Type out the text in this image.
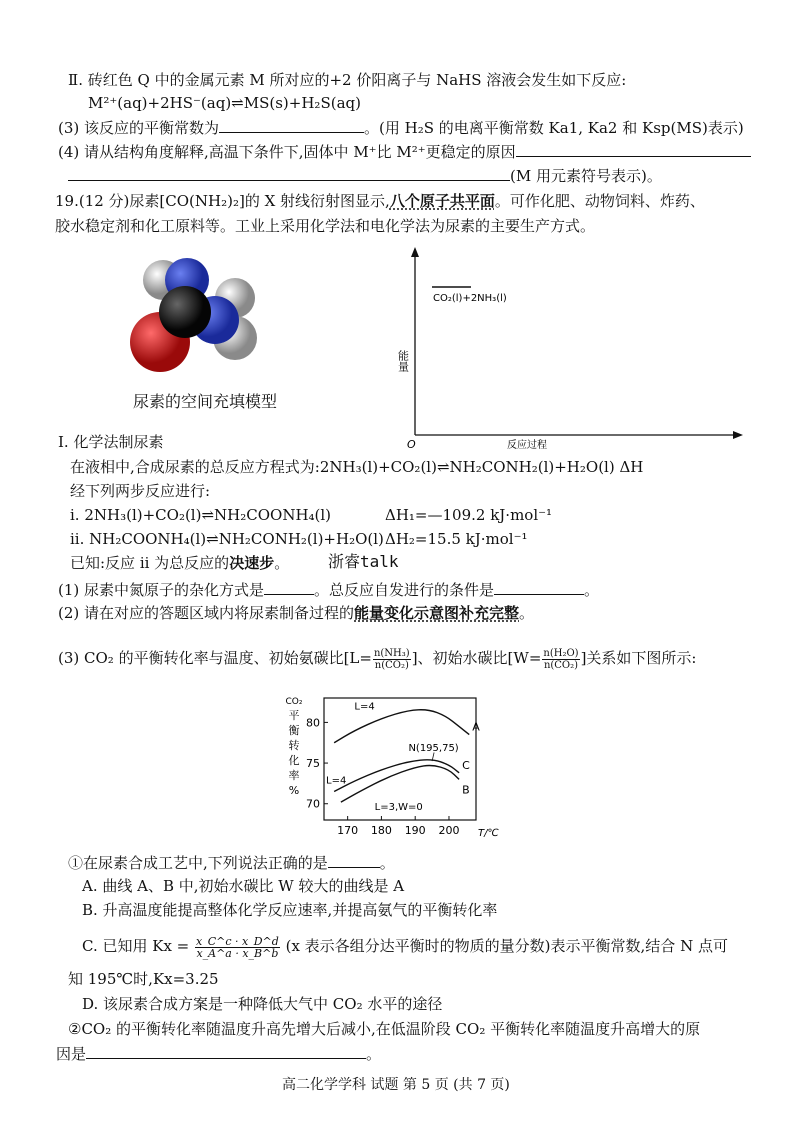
Ⅱ. 砖红色 Q 中的金属元素 M 所对应的+2 价阳离子与 NaHS 溶液会发生如下反应:
M²⁺(aq)+2HS⁻(aq)⇌MS(s)+H₂S(aq)
(3) 该反应的平衡常数为	。(用 H₂S 的电离平衡常数 Ka1, Ka2 和 Ksp(MS)表示)
(4) 请从结构角度解释,高温下条件下,固体中 M⁺比 M²⁺更稳定的原因
(M 用元素符号表示)。
19.(12 分)尿素[CO(NH₂)₂]的 X 射线衍射图显示,八个原子共平面。可作化肥、动物饲料、炸药、
胶水稳定剂和化工原料等。工业上采用化学法和电化学法为尿素的主要生产方式。
尿素的空间充填模型
CO₂(l)+2NH₃(l)
能量
O	反应过程
Ⅰ. 化学法制尿素
在液相中,合成尿素的总反应方程式为:2NH₃(l)+CO₂(l)⇌NH₂CONH₂(l)+H₂O(l) ΔH
经下列两步反应进行:
i. 2NH₃(l)+CO₂(l)⇌NH₂COONH₄(l)	ΔH₁=—109.2 kJ·mol⁻¹
ii. NH₂COONH₄(l)⇌NH₂CONH₂(l)+H₂O(l) ΔH₂=15.5 kJ·mol⁻¹
已知:反应 ii 为总反应的决速步。 浙睿talk
(1) 尿素中氮原子的杂化方式是	。总反应自发进行的条件是	。
(2) 请在对应的答题区域内将尿素制备过程的能量变化示意图补充完整。
(3) CO₂ 的平衡转化率与温度、初始氨碳比[$L= \frac{\text{n(NH₃)}}{\text{n(CO₂)}}$ ]、初始水碳比[$W= \frac{\text{n(H₂O)}}{\text{n(CO₂)}}$ ]关系如下图所示:
CO₂
平
衡
转
化
率
%
170 180 190 200 T/℃
70
75
80	A
C
B
L=4
L=4
L=3,W=0
N(195,75)
①在尿素合成工艺中,下列说法正确的是	。
A. 曲线 A、B 中,初始水碳比 W 较大的曲线是 A
B. 升高温度能提高整体化学反应速率,并提高氨气的平衡转化率
C. 已知用 $Kx = \frac{x\_C\^{}c \cdot x\_D\^{}d}{x\_A\^{}a \cdot x\_B\^{}b} (x$ 表示各组分达平衡时的物质的量分数)表示平衡常数,结合 N 点可
知 195℃时,Kx=3.25
D. 该尿素合成方案是一种降低大气中 CO₂ 水平的途径
②CO₂ 的平衡转化率随温度升高先增大后减小,在低温阶段 CO₂ 平衡转化率随温度升高增大的原
因是	。
高二化学学科 试题 第 5 页 (共 7 页)
